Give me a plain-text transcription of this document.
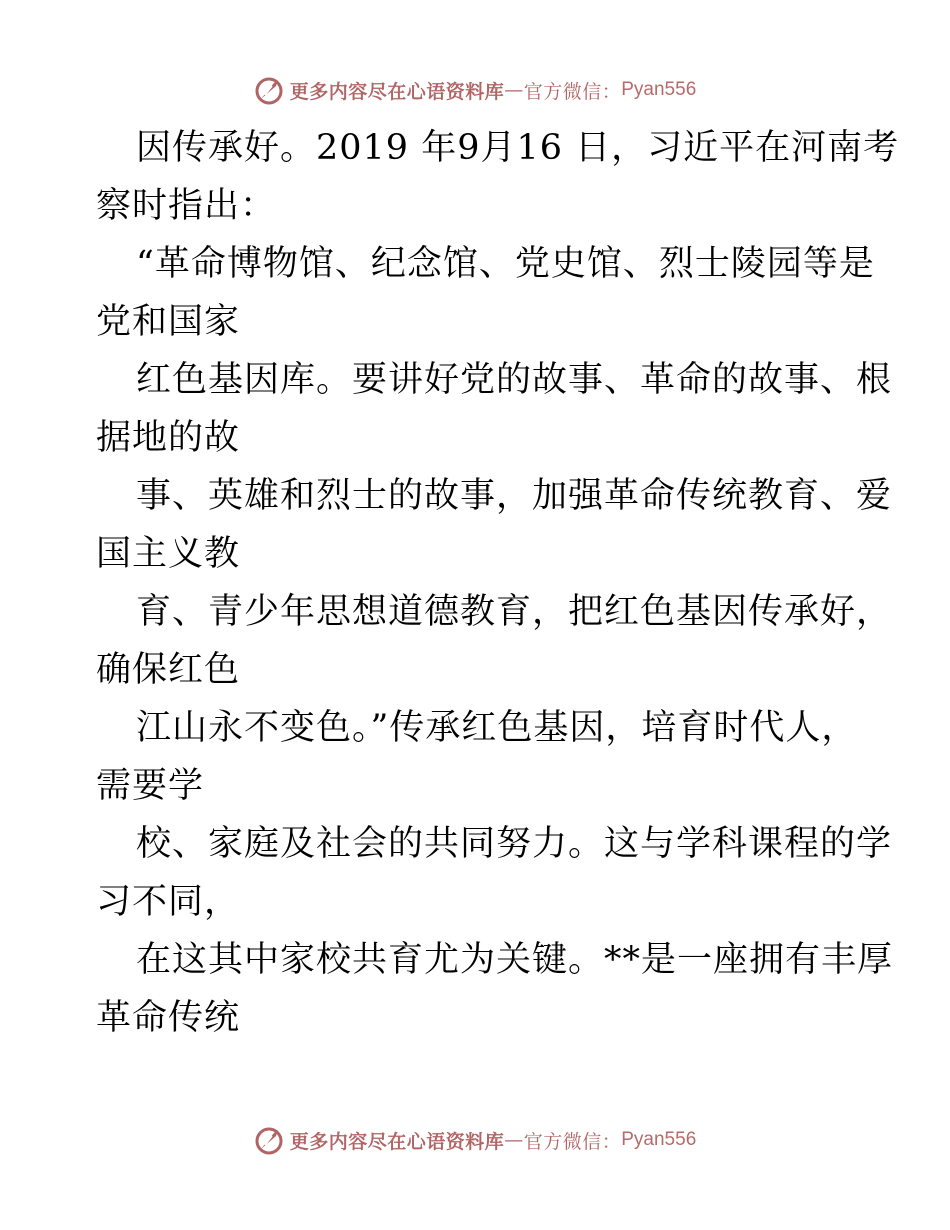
更多内容尽在心语资料库 — 官方微信： Pyan556
因传承好。2019 年9月16 日，习近平在河南考
察时指出：
“革命博物馆、纪念馆、党史馆、烈士陵园等是
党和国家
红色基因库。要讲好党的故事、革命的故事、根
据地的故
事、英雄和烈士的故事，加强革命传统教育、爱
国主义教
育、青少年思想道德教育，把红色基因传承好，
确保红色
江山永不变色。”传承红色基因，培育时代人，
需要学
校、家庭及社会的共同努力。这与学科课程的学
习不同，
在这其中家校共育尤为关键。**是一座拥有丰厚
革命传统
更多内容尽在心语资料库 — 官方微信： Pyan556
